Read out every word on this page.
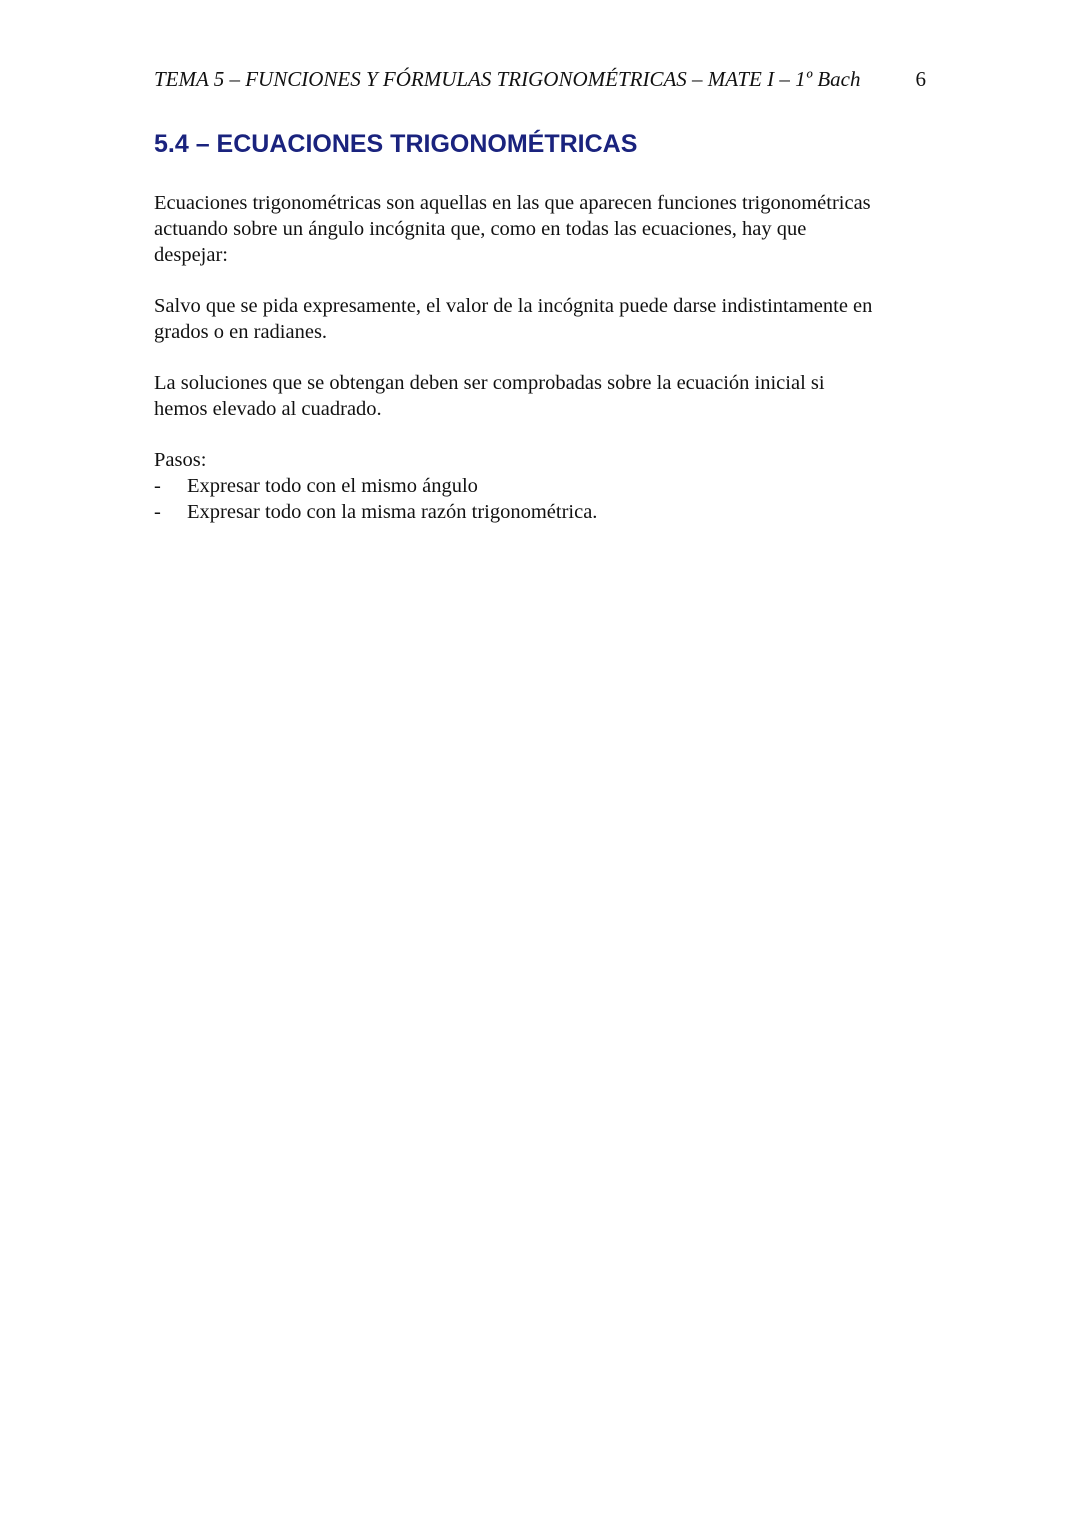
TEMA 5 – FUNCIONES Y FÓRMULAS TRIGONOMÉTRICAS – MATE I – 1º Bach	6
5.4 – ECUACIONES TRIGONOMÉTRICAS

Ecuaciones trigonométricas son aquellas en las que aparecen funciones trigonométricas
actuando sobre un ángulo incógnita que, como en todas las ecuaciones, hay que
despejar:

Salvo que se pida expresamente, el valor de la incógnita puede darse indistintamente en
grados o en radianes.

La soluciones que se obtengan deben ser comprobadas sobre la ecuación inicial si
hemos elevado al cuadrado.

Pasos:

- Expresar todo con el mismo ángulo
- Expresar todo con la misma razón trigonométrica.
